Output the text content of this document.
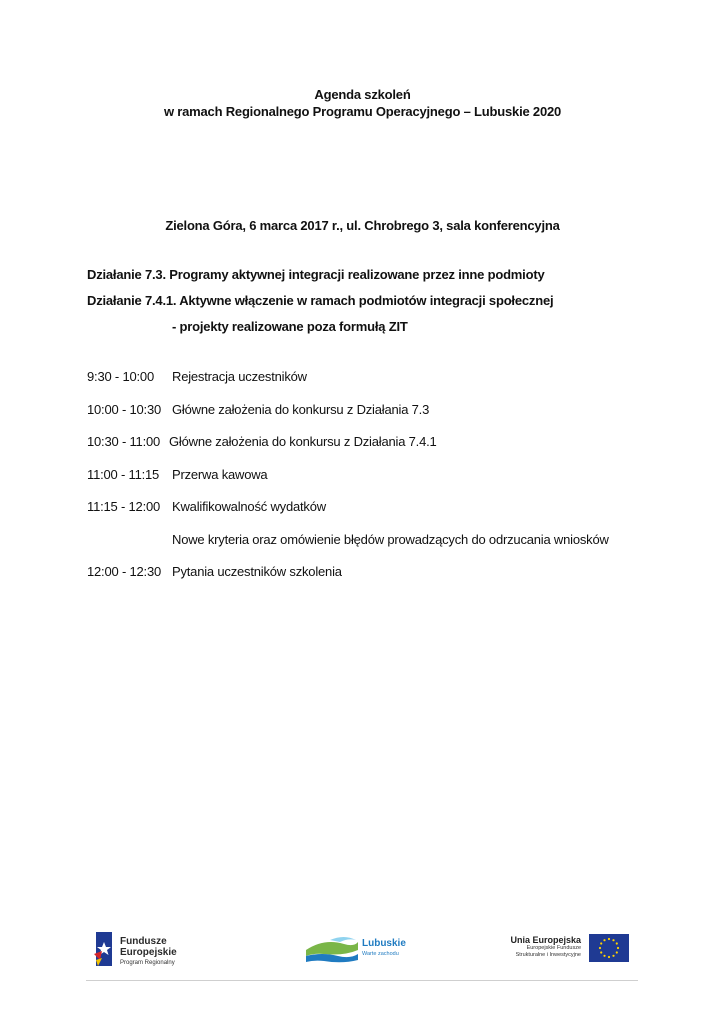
Agenda szkoleń
w ramach Regionalnego Programu Operacyjnego – Lubuskie 2020
Zielona Góra, 6 marca 2017 r., ul. Chrobrego 3, sala konferencyjna
Działanie 7.3. Programy aktywnej integracji realizowane przez inne podmioty
Działanie 7.4.1. Aktywne włączenie w ramach podmiotów integracji społecznej
- projekty realizowane poza formułą ZIT
9:30 - 10:00 Rejestracja uczestników
10:00 - 10:30 Główne założenia do konkursu z Działania 7.3
10:30 - 11:00 Główne założenia do konkursu z Działania 7.4.1
11:00 - 11:15 Przerwa kawowa
11:15 - 12:00 Kwalifikowalność wydatków
Nowe kryteria oraz omówienie błędów prowadzących do odrzucania wniosków
12:00 - 12:30 Pytania uczestników szkolenia
Fundusze
Europejskie
Program Regionalny
Lubuskie
Warte zachodu
Unia Europejska
Europejskie Fundusze
Strukturalne i Inwestycyjne
